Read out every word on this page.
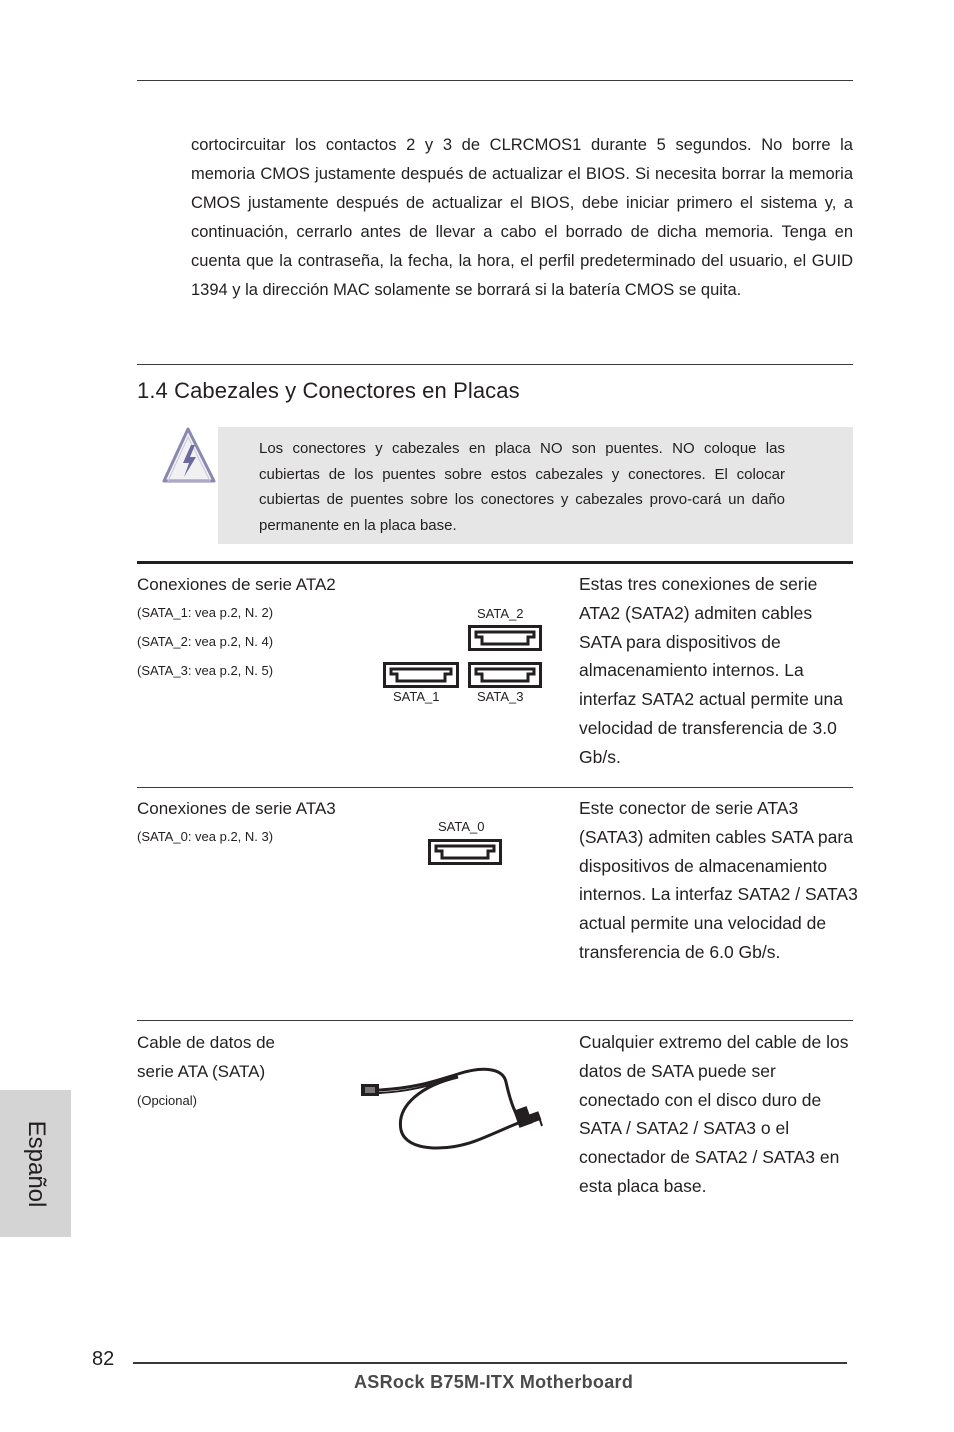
cortocircuitar los contactos 2 y 3 de CLRCMOS1 durante 5 segundos. No borre la memoria CMOS justamente después de actualizar el BIOS. Si necesita borrar la memoria CMOS justamente después de actualizar el BIOS, debe iniciar primero el sistema y, a continuación, cerrarlo antes de llevar a cabo el borrado de dicha memoria. Tenga en cuenta que la contraseña, la fecha, la hora, el perfil predeterminado del usuario, el GUID 1394 y la dirección MAC solamente se borrará si la batería CMOS se quita.

1.4 Cabezales y Conectores en Placas

Los conectores y cabezales en placa NO son puentes. NO coloque las cubiertas de los puentes sobre estos cabezales y conectores. El colocar cubiertas de puentes sobre los conectores y cabezales provo-cará un daño permanente en la placa base.

Conexiones de serie ATA2
(SATA_1: vea p.2, N. 2)
(SATA_2: vea p.2, N. 4)
(SATA_3: vea p.2, N. 5)
SATA_2
SATA_1	SATA_3

Estas tres conexiones de serie ATA2 (SATA2) admiten cables SATA para dispositivos de almacenamiento internos. La interfaz SATA2 actual permite una velocidad de transferencia de 3.0 Gb/s.

Conexiones de serie ATA3
(SATA_0: vea p.2, N. 3)
SATA_0

Este conector de serie ATA3 (SATA3) admiten cables SATA para dispositivos de almacenamiento internos. La interfaz SATA2 / SATA3 actual permite una velocidad de transferencia de 6.0 Gb/s.

Cable de datos de
serie ATA (SATA)
(Opcional)

Cualquier extremo del cable de los datos de SATA puede ser conectado con el disco duro de SATA / SATA2 / SATA3 o el conectador de SATA2 / SATA3 en esta placa base.

Español
82
ASRock B75M-ITX Motherboard
